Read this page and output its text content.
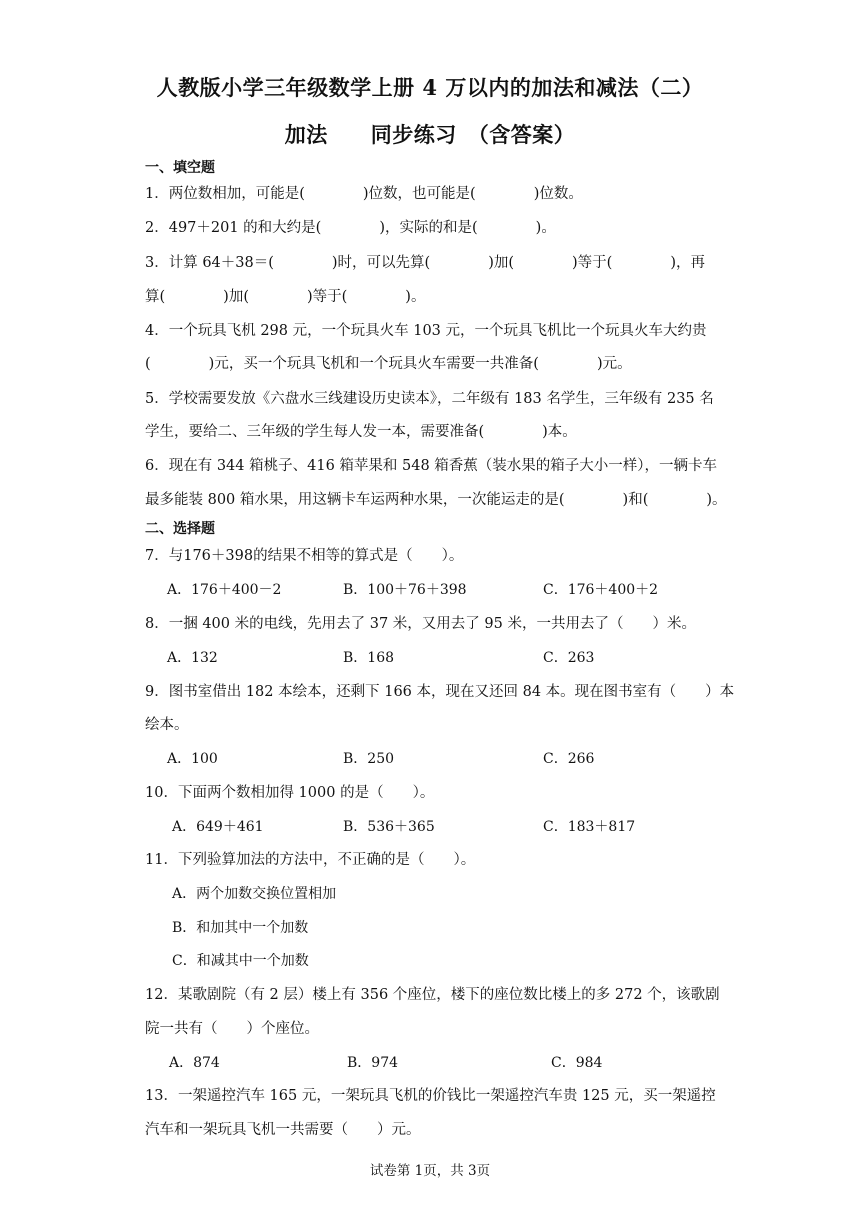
人教版小学三年级数学上册 4 万以内的加法和减法（二）
加法　　同步练习　（含答案）
一、填空题
1．两位数相加，可能是(　　　　)位数，也可能是(　　　　)位数。
2．497＋201 的和大约是(　　　　)，实际的和是(　　　　)。
3．计算 64＋38＝(　　　　)时，可以先算(　　　　)加(　　　　)等于(　　　　)，再
算(　　　　)加(　　　　)等于(　　　　)。
4．一个玩具飞机 298 元，一个玩具火车 103 元，一个玩具飞机比一个玩具火车大约贵
(　　　　)元，买一个玩具飞机和一个玩具火车需要一共准备(　　　　)元。
5．学校需要发放《六盘水三线建设历史读本》，二年级有 183 名学生，三年级有 235 名
学生，要给二、三年级的学生每人发一本，需要准备(　　　　)本。
6．现在有 344 箱桃子、416 箱苹果和 548 箱香蕉（装水果的箱子大小一样），一辆卡车
最多能装 800 箱水果，用这辆卡车运两种水果，一次能运走的是(　　　　)和(　　　　)。
二、选择题
7．与176＋398的结果不相等的算式是（　　）。
A．176＋400－2	B．100＋76＋398	C．176＋400＋2
8．一捆 400 米的电线，先用去了 37 米，又用去了 95 米，一共用去了（　　）米。
A．132	B．168	C．263
9．图书室借出 182 本绘本，还剩下 166 本，现在又还回 84 本。现在图书室有（　　）本
绘本。
A．100	B．250	C．266
10．下面两个数相加得 1000 的是（　　）。
A．649＋461	B．536＋365	C．183＋817
11．下列验算加法的方法中，不正确的是（　　）。
A．两个加数交换位置相加
B．和加其中一个加数
C．和减其中一个加数
12．某歌剧院（有 2 层）楼上有 356 个座位，楼下的座位数比楼上的多 272 个，该歌剧
院一共有（　　）个座位。
A．874	B．974	C．984
13．一架遥控汽车 165 元，一架玩具飞机的价钱比一架遥控汽车贵 125 元，买一架遥控
汽车和一架玩具飞机一共需要（　　）元。
试卷第 1页，共 3页
